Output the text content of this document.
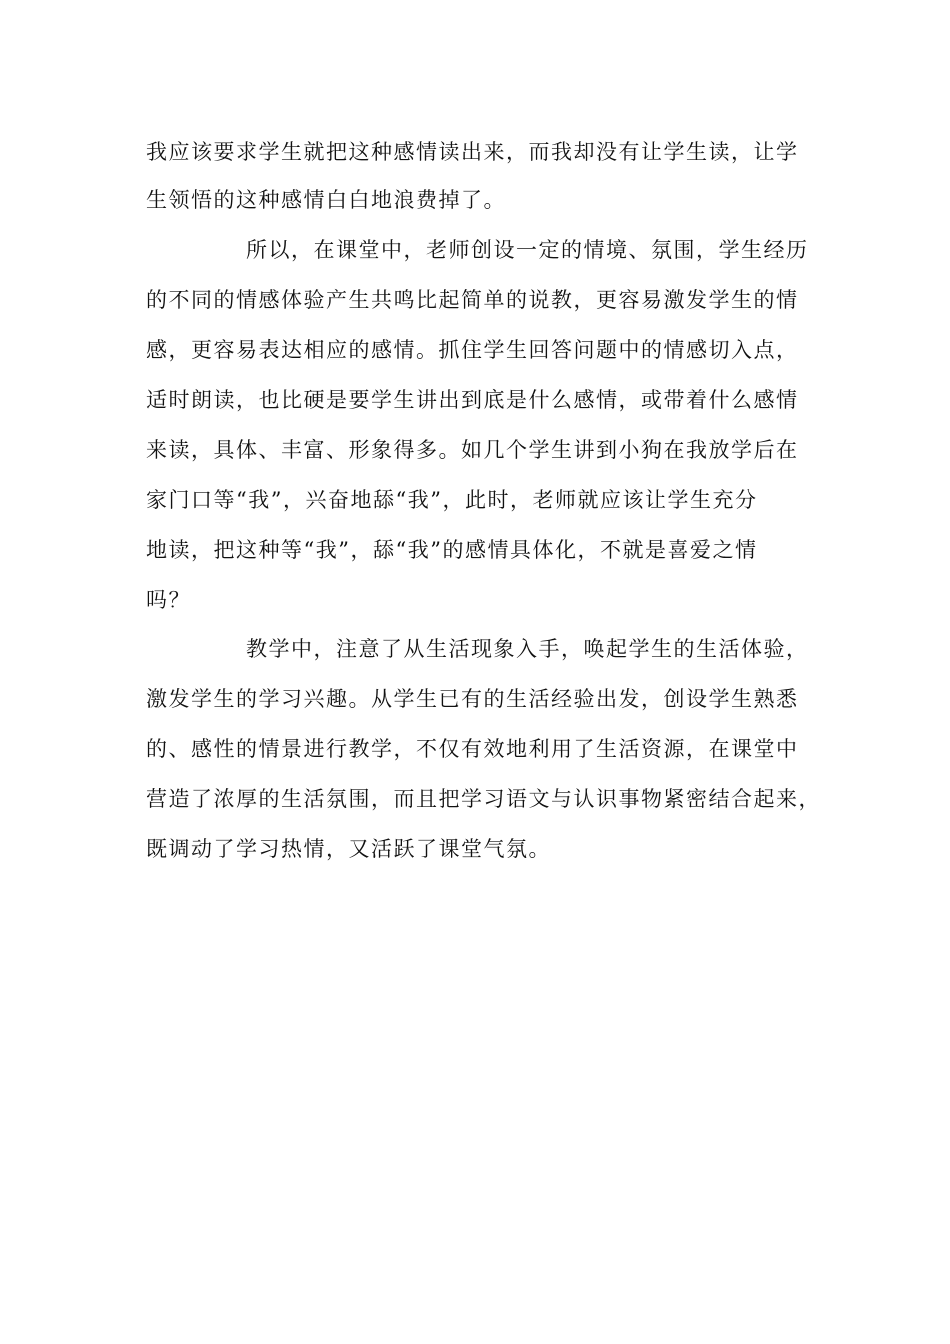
我应该要求学生就把这种感情读出来，而我却没有让学生读，让学

生领悟的这种感情白白地浪费掉了。

所以，在课堂中，老师创设一定的情境、氛围，学生经历

的不同的情感体验产生共鸣比起简单的说教，更容易激发学生的情

感，更容易表达相应的感情。抓住学生回答问题中的情感切入点，

适时朗读，也比硬是要学生讲出到底是什么感情，或带着什么感情

来读，具体、丰富、形象得多。如几个学生讲到小狗在我放学后在

家门口等“我”，兴奋地舔“我”，此时，老师就应该让学生充分

地读，把这种等“我”，舔“我”的感情具体化，不就是喜爱之情

吗？

教学中，注意了从生活现象入手，唤起学生的生活体验，

激发学生的学习兴趣。从学生已有的生活经验出发，创设学生熟悉

的、感性的情景进行教学，不仅有效地利用了生活资源，在课堂中

营造了浓厚的生活氛围，而且把学习语文与认识事物紧密结合起来，

既调动了学习热情，又活跃了课堂气氛。
